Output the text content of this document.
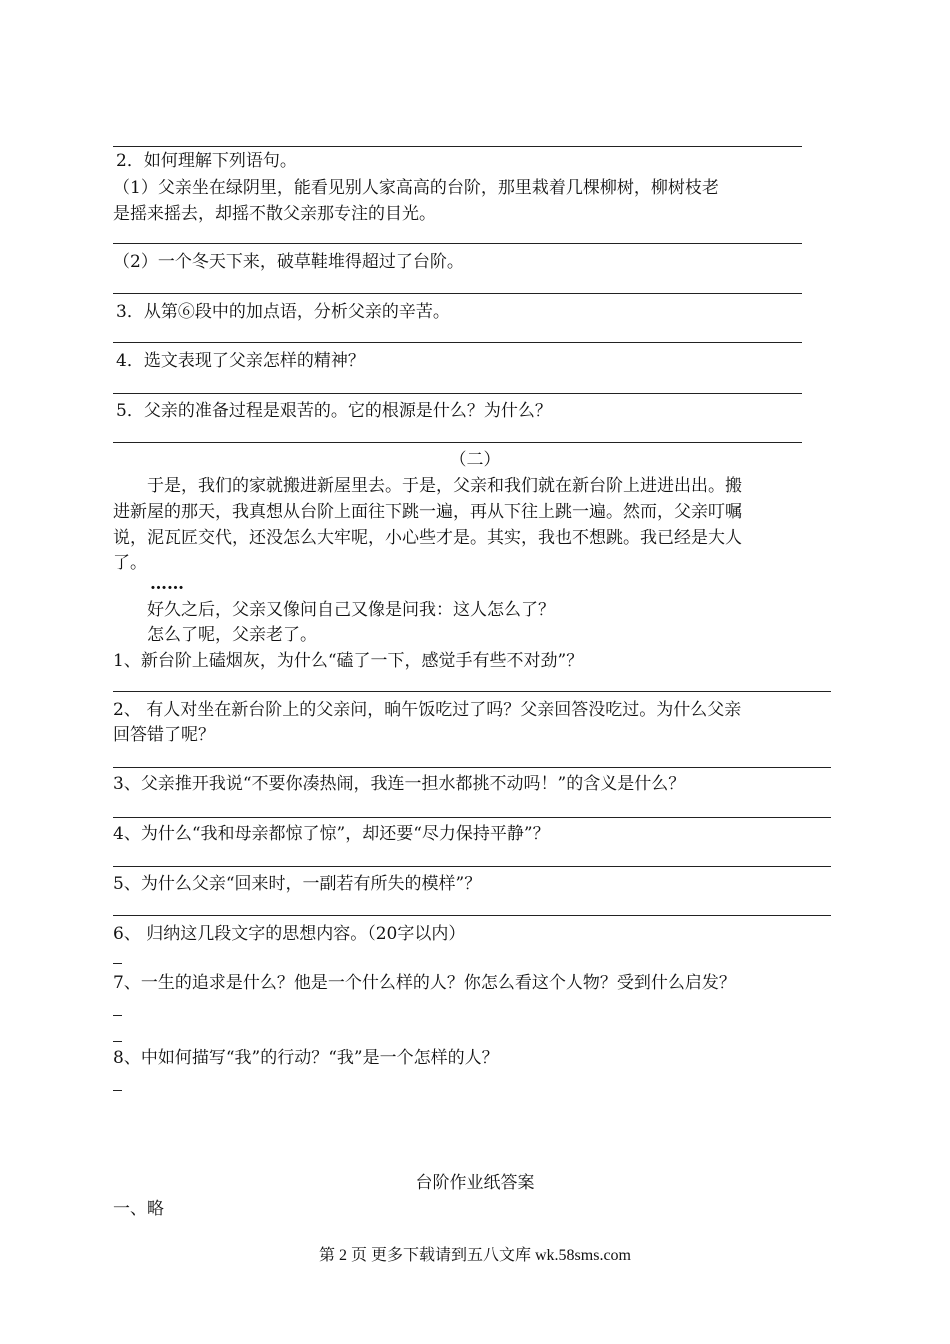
2．如何理解下列语句。
（1）父亲坐在绿阴里，能看见别人家高高的台阶，那里栽着几棵柳树，柳树枝老
是摇来摇去，却摇不散父亲那专注的目光。
（2）一个冬天下来，破草鞋堆得超过了台阶。
3．从第⑥段中的加点语，分析父亲的辛苦。
4．选文表现了父亲怎样的精神？
5．父亲的准备过程是艰苦的。它的根源是什么？为什么？
（二）
于是，我们的家就搬进新屋里去。于是，父亲和我们就在新台阶上进进出出。搬
进新屋的那天，我真想从台阶上面往下跳一遍，再从下往上跳一遍。然而，父亲叮嘱
说，泥瓦匠交代，还没怎么大牢呢，小心些才是。其实，我也不想跳。我已经是大人
了。
……
好久之后，父亲又像问自己又像是问我：这人怎么了？
怎么了呢，父亲老了。
1、新台阶上磕烟灰，为什么“磕了一下，感觉手有些不对劲”？
2、 有人对坐在新台阶上的父亲问，晌午饭吃过了吗？父亲回答没吃过。为什么父亲
回答错了呢？
3、父亲推开我说“不要你凑热闹，我连一担水都挑不动吗！”的含义是什么？
4、为什么“我和母亲都惊了惊”，却还要“尽力保持平静”？
5、为什么父亲“回来时，一副若有所失的模样”？
6、 归纳这几段文字的思想内容。（20字以内）
7、一生的追求是什么？他是一个什么样的人？你怎么看这个人物？受到什么启发？
8、中如何描写“我”的行动？“我”是一个怎样的人？
台阶作业纸答案
一、略
第 2 页 更多下载请到五八文库 wk.58sms.com
